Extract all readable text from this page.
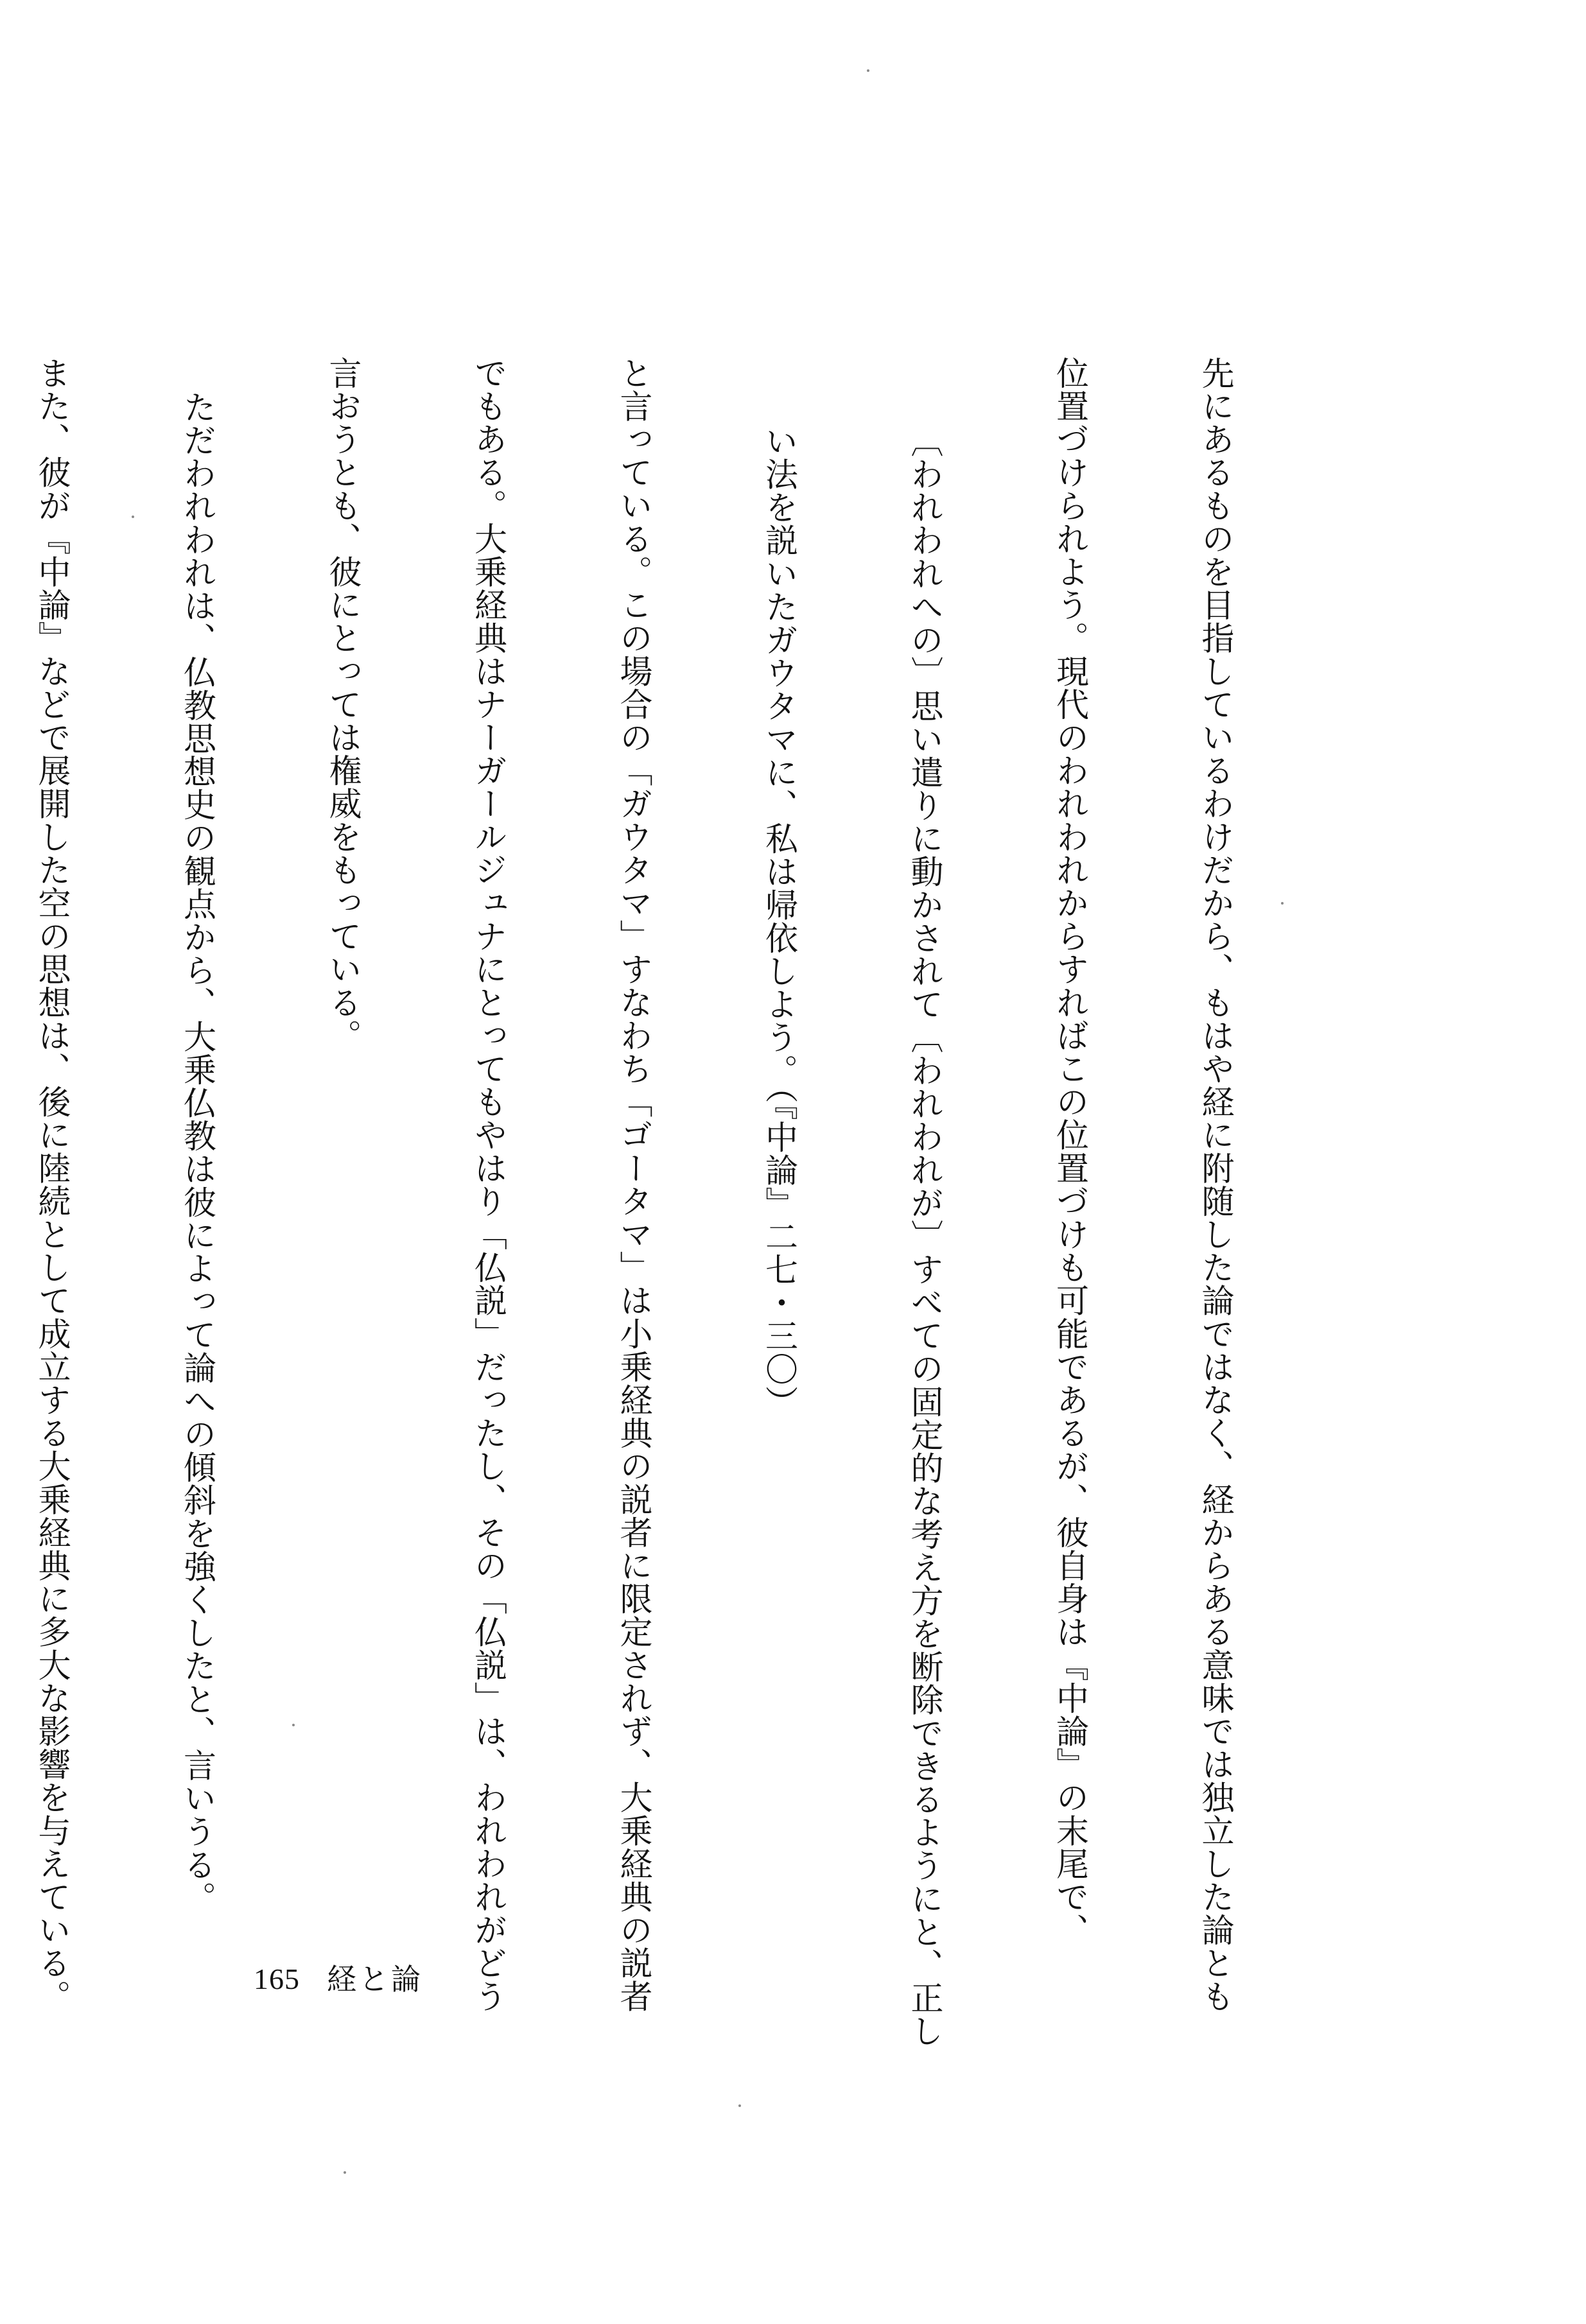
先にあるものを目指しているわけだから、もはや経に附随した論ではなく、経からある意味では独立した論とも

位置づけられよう。現代のわれわれからすればこの位置づけも可能であるが、彼自身は『中論』の末尾で、

〔われわれへの〕思い遣りに動かされて〔われわれが〕すべての固定的な考え方を断除できるようにと、正し

い法を説いたガウタマに、私は帰依しよう。（『中論』二七・三〇）

と言っている。この場合の「ガウタマ」すなわち「ゴータマ」は小乗経典の説者に限定されず、大乗経典の説者

でもある。大乗経典はナーガールジュナにとってもやはり「仏説」だったし、その「仏説」は、われわれがどう

言おうとも、彼にとっては権威をもっている。

ただわれわれは、仏教思想史の観点から、大乗仏教は彼によって論への傾斜を強くしたと、言いうる。

また、彼が『中論』などで展開した空の思想は、後に陸続として成立する大乗経典に多大な影響を与えている。

	165 経と論
